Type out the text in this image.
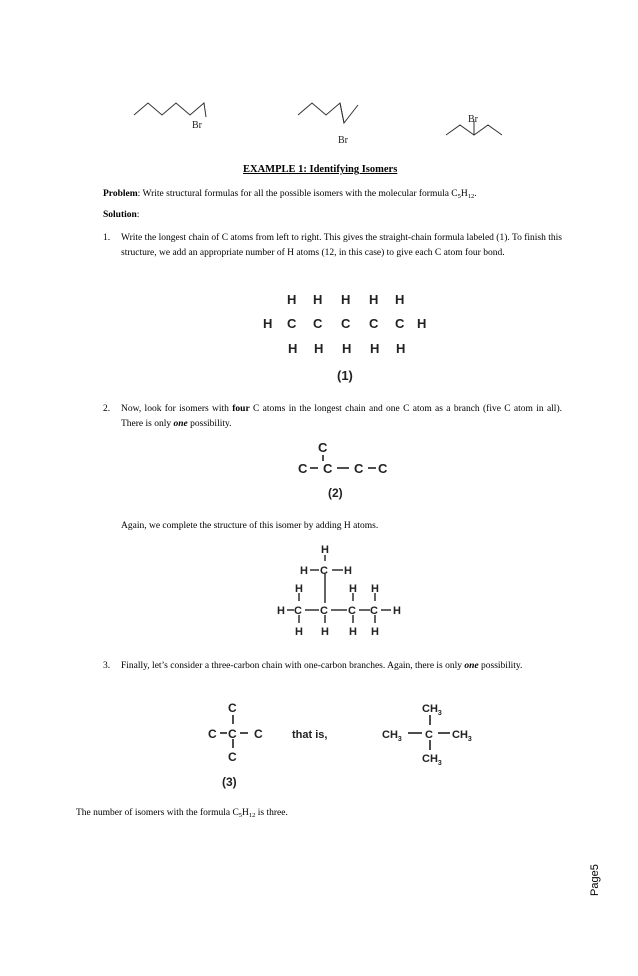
Br
Br
Br
EXAMPLE 1: Identifying Isomers
Problem: Write structural formulas for all the possible isomers with the molecular formula $C_5H_{12}$.
Solution:
1. Write the longest chain of C atoms from left to right. This gives the straight-chain formula labeled (1). To finish this structure, we add an appropriate number of H atoms (12, in this case) to give each C atom four bond.
H H H H H
H C C C C C H
H H H H H
(1)
2. Now, look for isomers with four C atoms in the longest chain and one C atom as a branch (five C atom in all). There is only one possibility.
C
C C C C
(2)
Again, we complete the structure of this isomer by adding H atoms.
H
H C H
H	H H
H C C C C H
H H H H
3. Finally, let’s consider a three-carbon chain with one-carbon branches. Again, there is only one possibility.
C
C C C
C
that is,
$CH_3$
$CH_3$ C $CH_3$
$CH_3$
(3)
The number of isomers with the formula $C_5H_{12}$ is three.
Page5
